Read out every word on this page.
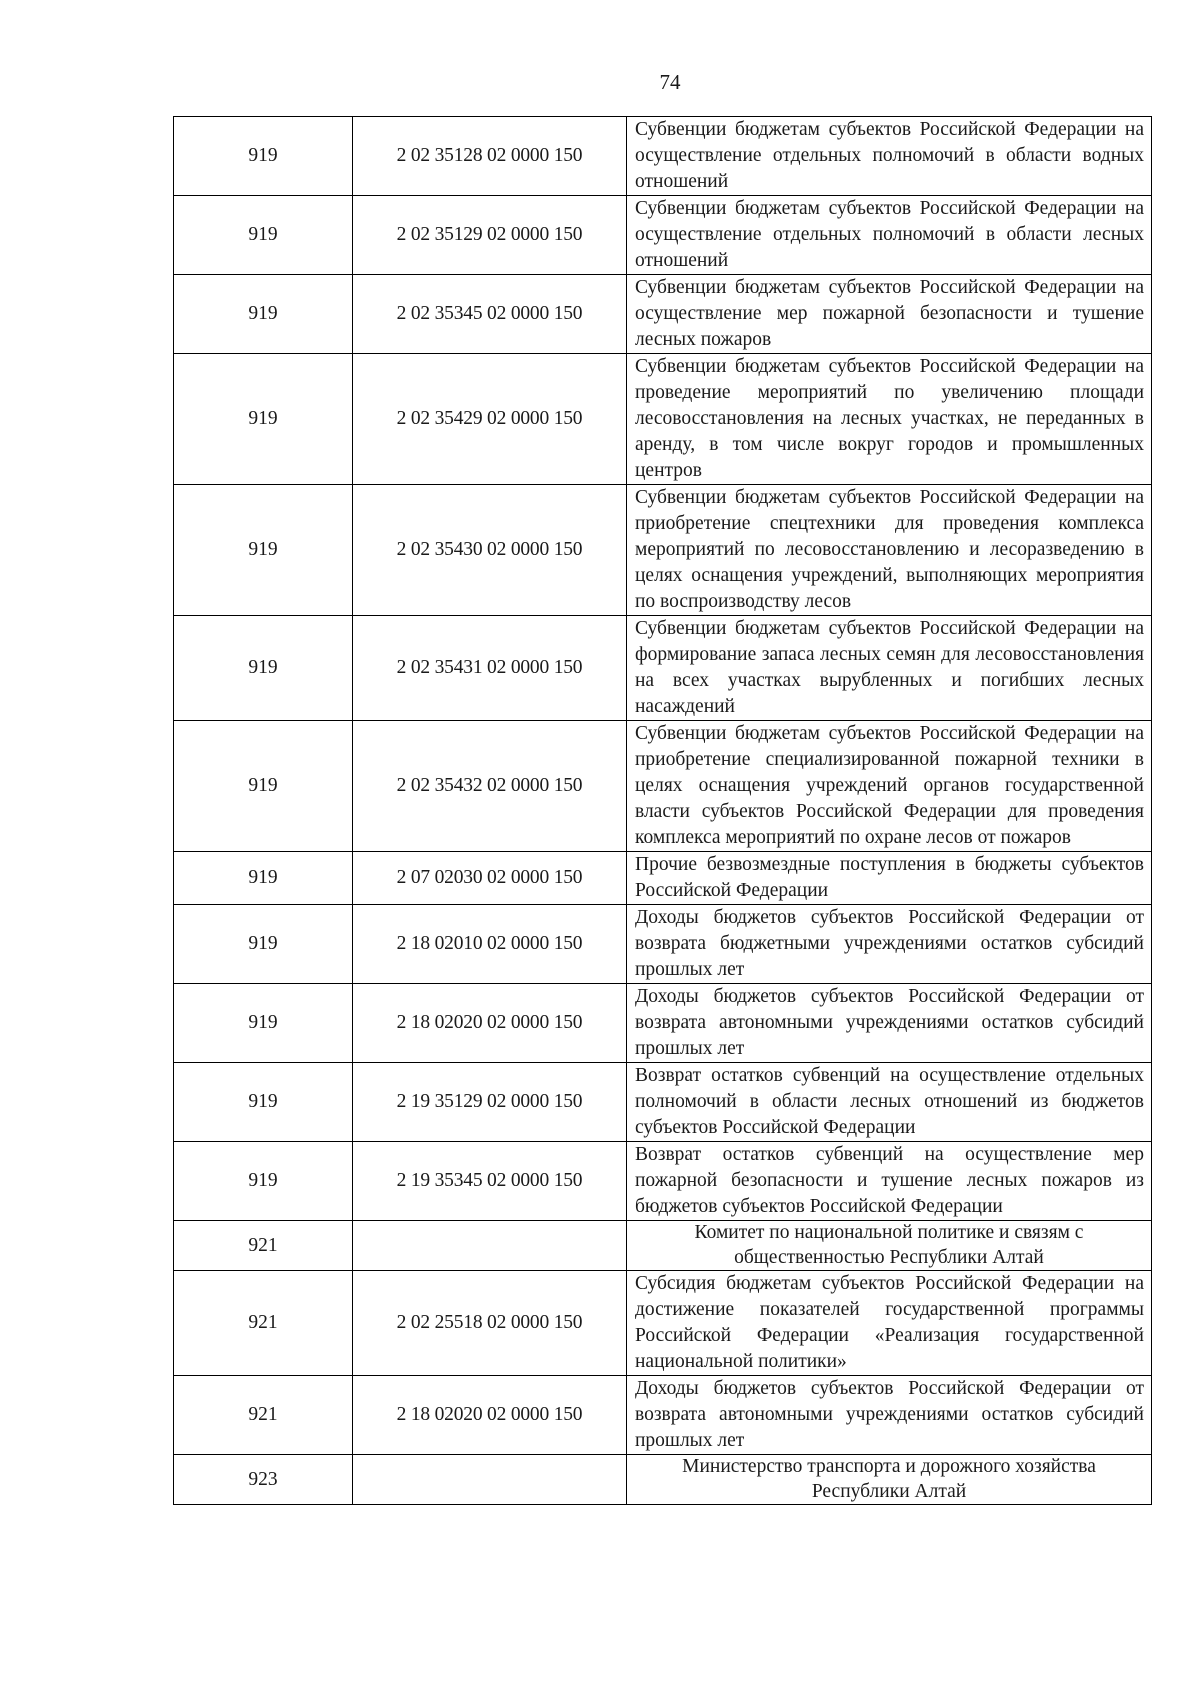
74
919	2 02 35128 02 0000 150	Субвенции бюджетам субъектов Российской Федерации на осуществление отдельных полномочий в области водных отношений
919	2 02 35129 02 0000 150	Субвенции бюджетам субъектов Российской Федерации на осуществление отдельных полномочий в области лесных отношений
919	2 02 35345 02 0000 150	Субвенции бюджетам субъектов Российской Федерации на осуществление мер пожарной безопасности и тушение лесных пожаров
919	2 02 35429 02 0000 150	Субвенции бюджетам субъектов Российской Федерации на проведение мероприятий по увеличению площади лесовосстановления на лесных участках, не переданных в аренду, в том числе вокруг городов и промышленных центров
919	2 02 35430 02 0000 150	Субвенции бюджетам субъектов Российской Федерации на приобретение спецтехники для проведения комплекса мероприятий по лесовосстановлению и лесоразведению в целях оснащения учреждений, выполняющих мероприятия по воспроизводству лесов
919	2 02 35431 02 0000 150	Субвенции бюджетам субъектов Российской Федерации на формирование запаса лесных семян для лесовосстановления на всех участках вырубленных и погибших лесных насаждений
919	2 02 35432 02 0000 150	Субвенции бюджетам субъектов Российской Федерации на приобретение специализированной пожарной техники в целях оснащения учреждений органов государственной власти субъектов Российской Федерации для проведения комплекса мероприятий по охране лесов от пожаров
919	2 07 02030 02 0000 150	Прочие безвозмездные поступления в бюджеты субъектов Российской Федерации
919	2 18 02010 02 0000 150	Доходы бюджетов субъектов Российской Федерации от возврата бюджетными учреждениями остатков субсидий прошлых лет
919	2 18 02020 02 0000 150	Доходы бюджетов субъектов Российской Федерации от возврата автономными учреждениями остатков субсидий прошлых лет
919	2 19 35129 02 0000 150	Возврат остатков субвенций на осуществление отдельных полномочий в области лесных отношений из бюджетов субъектов Российской Федерации
919	2 19 35345 02 0000 150	Возврат остатков субвенций на осуществление мер пожарной безопасности и тушение лесных пожаров из бюджетов субъектов Российской Федерации
921		Комитет по национальной политике и связям с общественностью Республики Алтай
921	2 02 25518 02 0000 150	Субсидия бюджетам субъектов Российской Федерации на достижение показателей государственной программы Российской Федерации «Реализация государственной национальной политики»
921	2 18 02020 02 0000 150	Доходы бюджетов субъектов Российской Федерации от возврата автономными учреждениями остатков субсидий прошлых лет
923		Министерство транспорта и дорожного хозяйства Республики Алтай
